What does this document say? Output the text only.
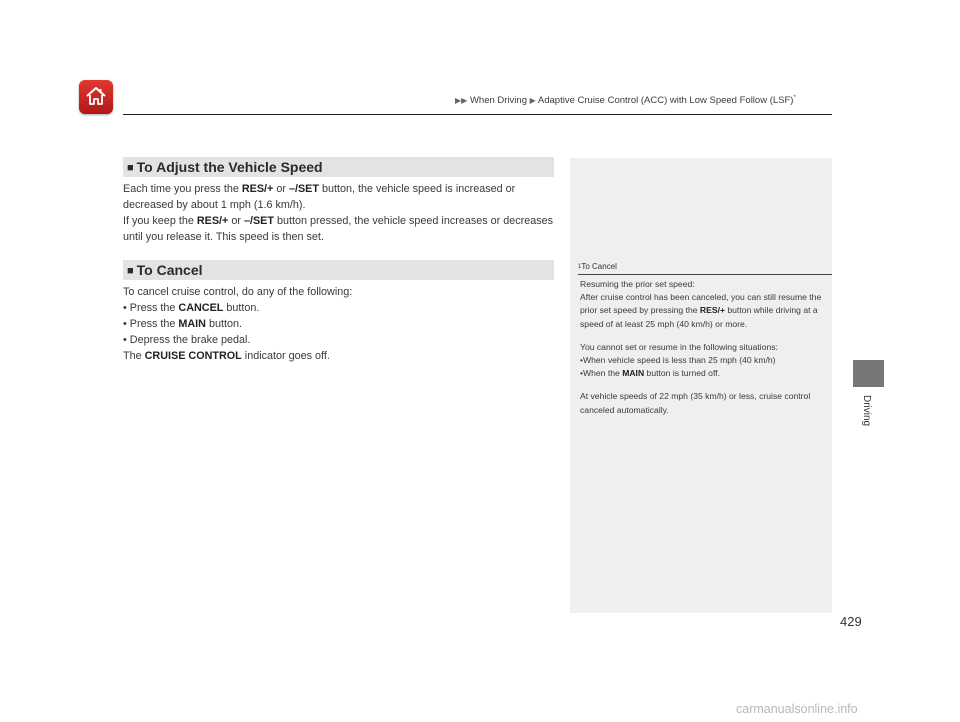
▶▶ When Driving ▶ Adaptive Cruise Control (ACC) with Low Speed Follow (LSF)*
Driving
429
■ To Adjust the Vehicle Speed

Each time you press the RES/+ or –/SET button, the vehicle speed is increased or decreased by about 1 mph (1.6 km/h).

If you keep the RES/+ or –/SET button pressed, the vehicle speed increases or decreases until you release it. This speed is then set.

■ To Cancel

To cancel cruise control, do any of the following:

• Press the CANCEL button.

• Press the MAIN button.

• Depress the brake pedal.

The CRUISE CONTROL indicator goes off.

1To Cancel

Resuming the prior set speed:

After cruise control has been canceled, you can still resume the prior set speed by pressing the RES/+ button while driving at a speed of at least 25 mph (40 km/h) or more.

You cannot set or resume in the following situations:

•When vehicle speed is less than 25 mph (40 km/h)

•When the MAIN button is turned off.

At vehicle speeds of 22 mph (35 km/h) or less, cruise control canceled automatically.

carmanualsonline.info
